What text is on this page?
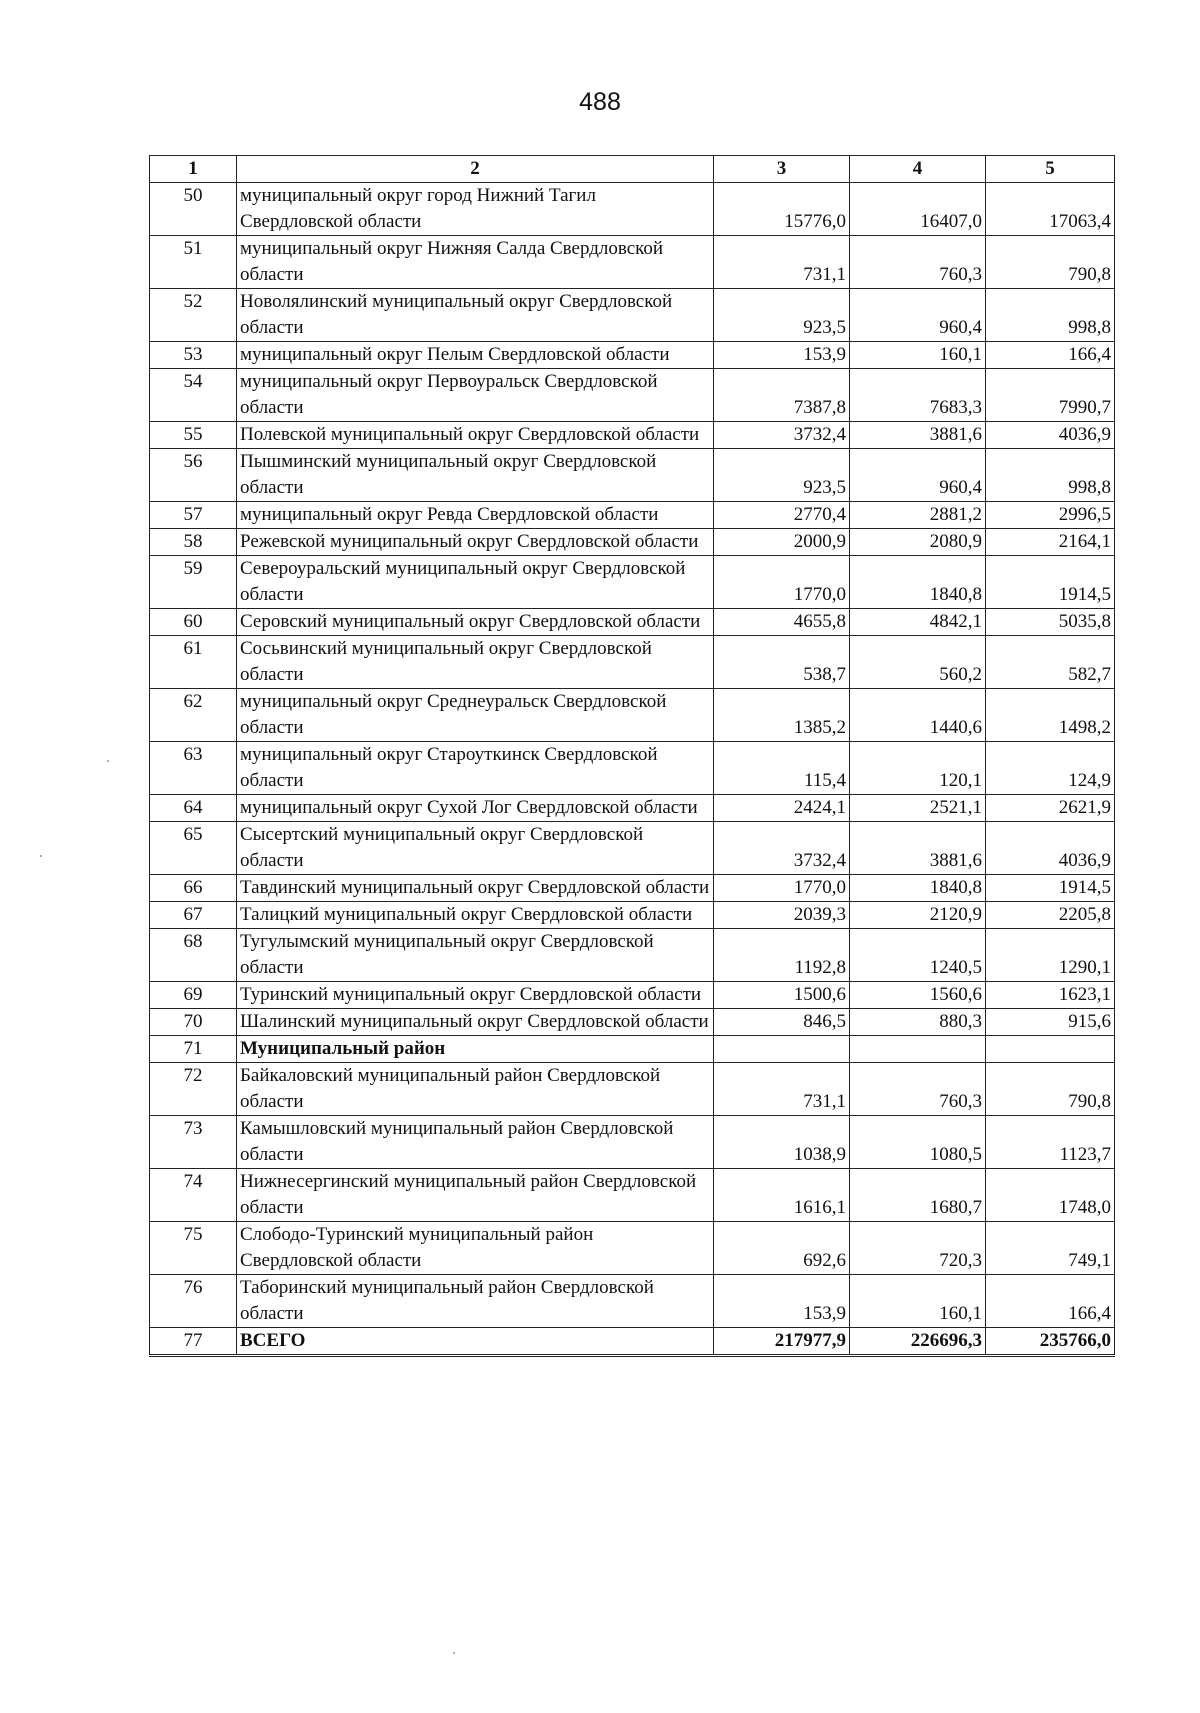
488
1	2	3	4	5
50	муниципальный округ город Нижний Тагил Свердловской области	15776,0	16407,0	17063,4
51	муниципальный округ Нижняя Салда Свердловской области	731,1	760,3	790,8
52	Новолялинский муниципальный округ Свердловской области	923,5	960,4	998,8
53	муниципальный округ Пелым Свердловской области	153,9	160,1	166,4
54	муниципальный округ Первоуральск Свердловской области	7387,8	7683,3	7990,7
55	Полевской муниципальный округ Свердловской области	3732,4	3881,6	4036,9
56	Пышминский муниципальный округ Свердловской области	923,5	960,4	998,8
57	муниципальный округ Ревда Свердловской области	2770,4	2881,2	2996,5
58	Режевской муниципальный округ Свердловской области	2000,9	2080,9	2164,1
59	Североуральский муниципальный округ Свердловской области	1770,0	1840,8	1914,5
60	Серовский муниципальный округ Свердловской области	4655,8	4842,1	5035,8
61	Сосьвинский муниципальный округ Свердловской области	538,7	560,2	582,7
62	муниципальный округ Среднеуральск Свердловской области	1385,2	1440,6	1498,2
63	муниципальный округ Староуткинск Свердловской области	115,4	120,1	124,9
64	муниципальный округ Сухой Лог Свердловской области	2424,1	2521,1	2621,9
65	Сысертский муниципальный округ Свердловской области	3732,4	3881,6	4036,9
66	Тавдинский муниципальный округ Свердловской области	1770,0	1840,8	1914,5
67	Талицкий муниципальный округ Свердловской области	2039,3	2120,9	2205,8
68	Тугулымский муниципальный округ Свердловской области	1192,8	1240,5	1290,1
69	Туринский муниципальный округ Свердловской области	1500,6	1560,6	1623,1
70	Шалинский муниципальный округ Свердловской области	846,5	880,3	915,6
71	Муниципальный район			
72	Байкаловский муниципальный район Свердловской области	731,1	760,3	790,8
73	Камышловский муниципальный район Свердловской области	1038,9	1080,5	1123,7
74	Нижнесергинский муниципальный район Свердловской области	1616,1	1680,7	1748,0
75	Слободо-Туринский муниципальный район Свердловской области	692,6	720,3	749,1
76	Таборинский муниципальный район Свердловской области	153,9	160,1	166,4
77	ВСЕГО	217977,9	226696,3	235766,0
